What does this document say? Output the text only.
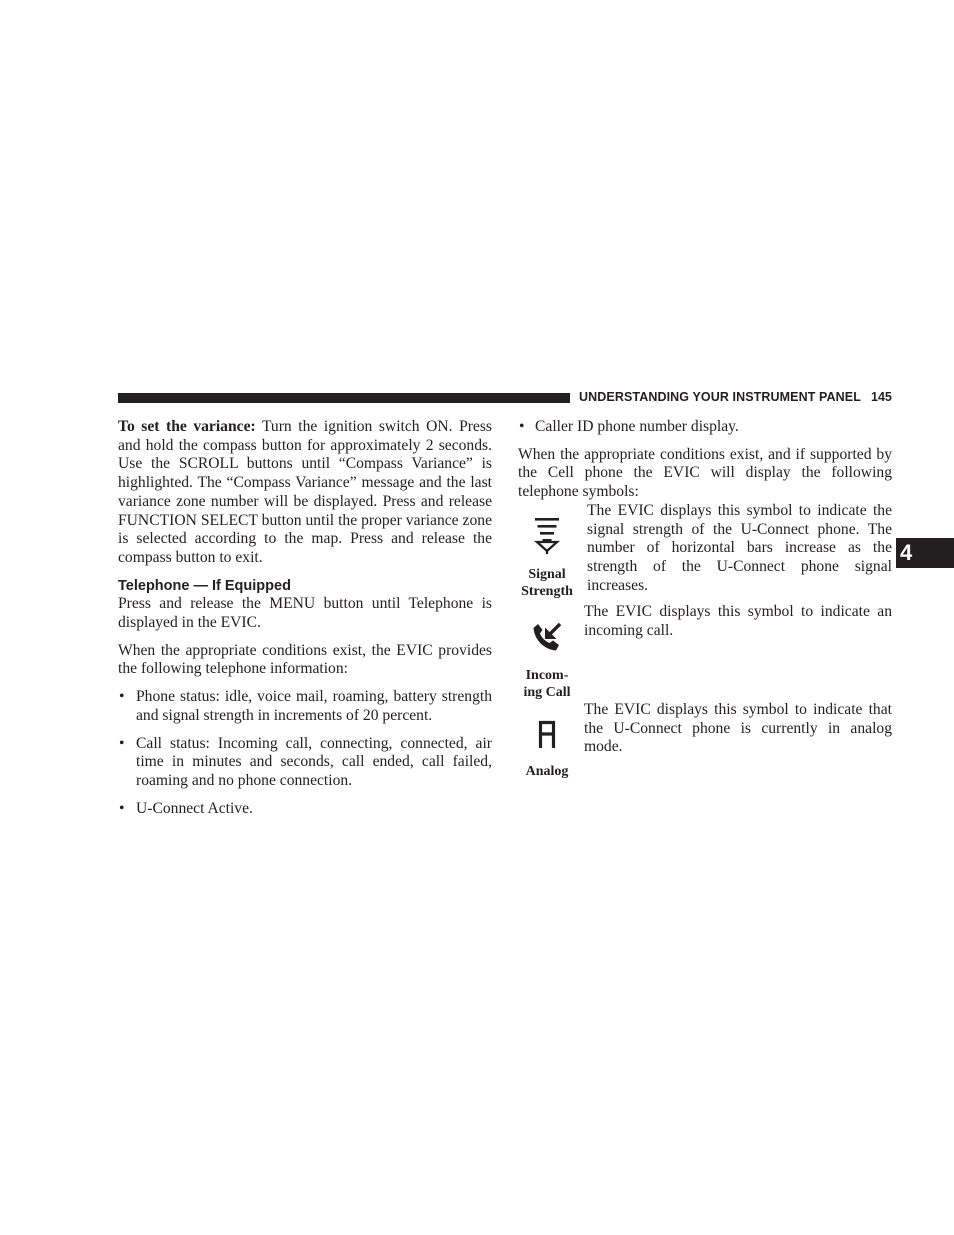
UNDERSTANDING YOUR INSTRUMENT PANEL 145
4

To set the variance: Turn the ignition switch ON. Press and hold the compass button for approximately 2 seconds. Use the SCROLL buttons until “Compass Variance” is highlighted. The “Compass Variance” message and the last variance zone number will be displayed. Press and release FUNCTION SELECT button until the proper variance zone is selected according to the map. Press and release the compass button to exit.

Telephone — If Equipped

Press and release the MENU button until Telephone is displayed in the EVIC.

When the appropriate conditions exist, the EVIC provides the following telephone information:

• Phone status: idle, voice mail, roaming, battery strength and signal strength in increments of 20 percent.
• Call status: Incoming call, connecting, connected, air time in minutes and seconds, call ended, call failed, roaming and no phone connection.
• U-Connect Active.
• Caller ID phone number display.

When the appropriate conditions exist, and if supported by the Cell phone the EVIC will display the following telephone symbols:

Signal
Strength

The EVIC displays this symbol to indicate the signal strength of the U-Connect phone. The number of horizontal bars increase as the strength of the U-Connect phone signal increases.

Incom-
ing Call

The EVIC displays this symbol to indicate an incoming call.

Analog

The EVIC displays this symbol to indicate that the U-Connect phone is currently in analog mode.
